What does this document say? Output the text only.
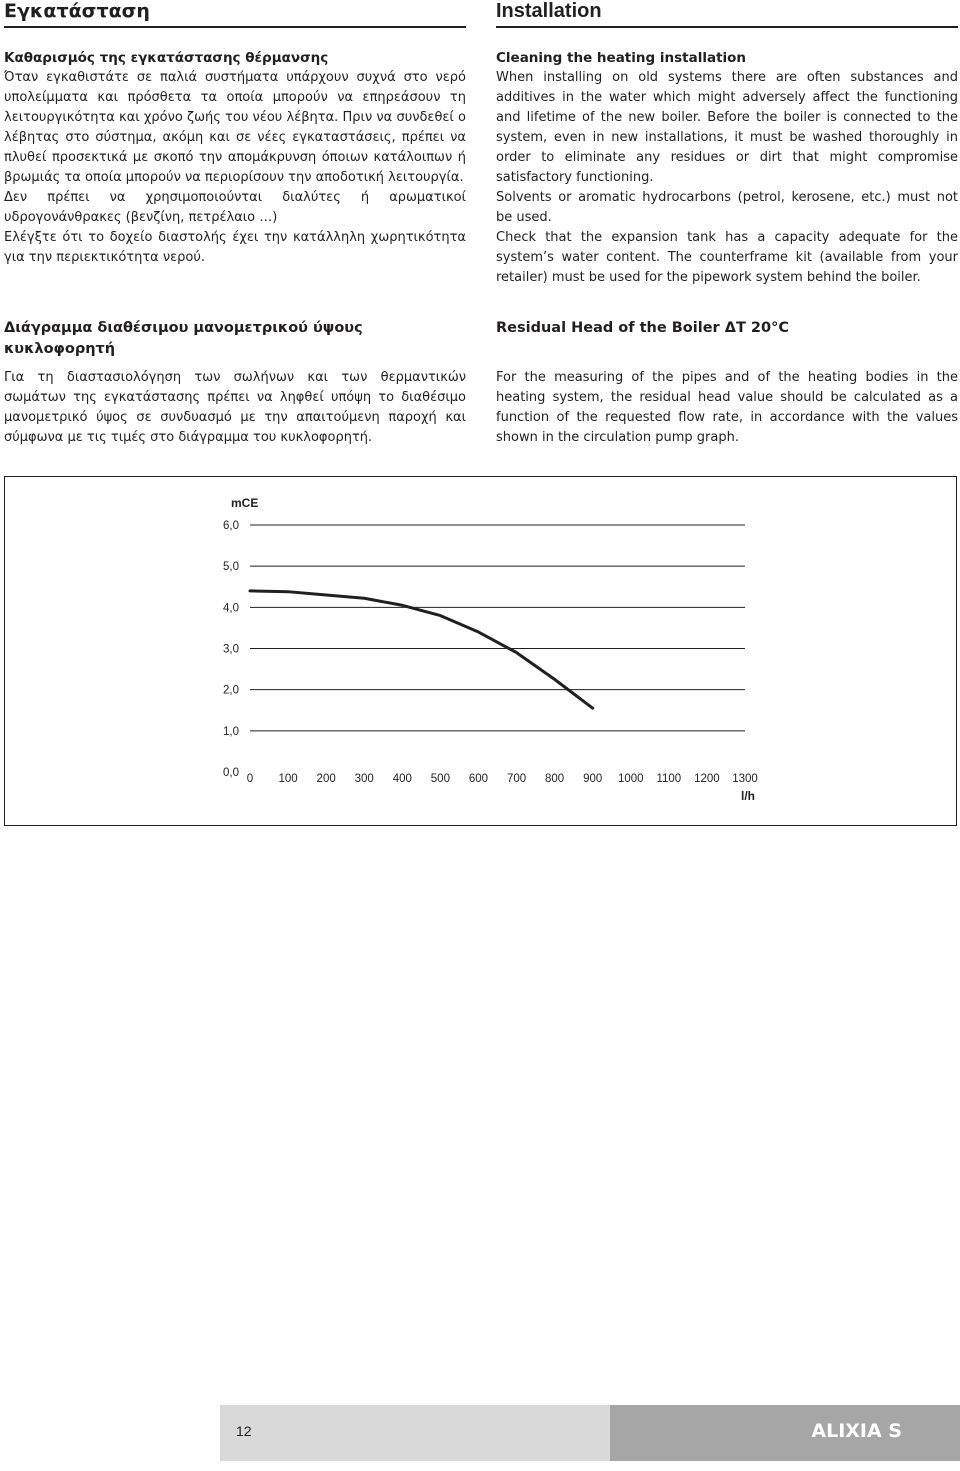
Εγκατάσταση	Installation
Καθαρισμός της εγκατάστασης θέρμανσης

Όταν εγκαθιστάτε σε παλιά συστήματα υπάρχουν συχνά στο νερό υπολείμματα και πρόσθετα τα οποία μπορούν να επηρεάσουν τη λειτουργικότητα και χρόνο ζωής του νέου λέβητα. Πριν να συνδεθεί ο λέβητας στο σύστημα, ακόμη και σε νέες εγκαταστάσεις, πρέπει να πλυθεί προσεκτικά με σκοπό την απομάκρυνση όποιων κατάλοιπων ή βρωμιάς τα οποία μπορούν να περιορίσουν την αποδοτική λειτουργία.

Δεν πρέπει να χρησιμοποιούνται διαλύτες ή αρωματικοί υδρογονάνθρακες (βενζίνη, πετρέλαιο …)

Ελέγξτε ότι το δοχείο διαστολής έχει την κατάλληλη χωρητικότητα για την περιεκτικότητα νερού.

Cleaning the heating installation

When installing on old systems there are often substances and additives in the water which might adversely affect the functioning and lifetime of the new boiler. Before the boiler is connected to the system, even in new installations, it must be washed thoroughly in order to eliminate any residues or dirt that might compromise satisfactory functioning.

Solvents or aromatic hydrocarbons (petrol, kerosene, etc.) must not be used.

Check that the expansion tank has a capacity adequate for the system’s water content. The counterframe kit (available from your retailer) must be used for the pipework system behind the boiler.

Διάγραμμα διαθέσιμου μανομετρικού ύψους κυκλοφορητή
Residual Head of the Boiler ΔT 20°C

Για τη διαστασιολόγηση των σωλήνων και των θερμαντικών σωμάτων της εγκατάστασης πρέπει να ληφθεί υπόψη το διαθέσιμο μανομετρικό ύψος σε συνδυασμό με την απαιτούμενη παροχή και σύμφωνα με τις τιμές στο διάγραμμα του κυκλοφορητή.

For the measuring of the pipes and of the heating bodies in the heating system, the residual head value should be calculated as a function of the requested flow rate, in accordance with the values shown in the circulation pump graph.

6,0
5,0
4,0
3,0
2,0
1,0
0,0 0 100 200 300 400 500 600 700 800 900 1000 1100 1200 1300
mCE
l/h
12	ALIXIA S
